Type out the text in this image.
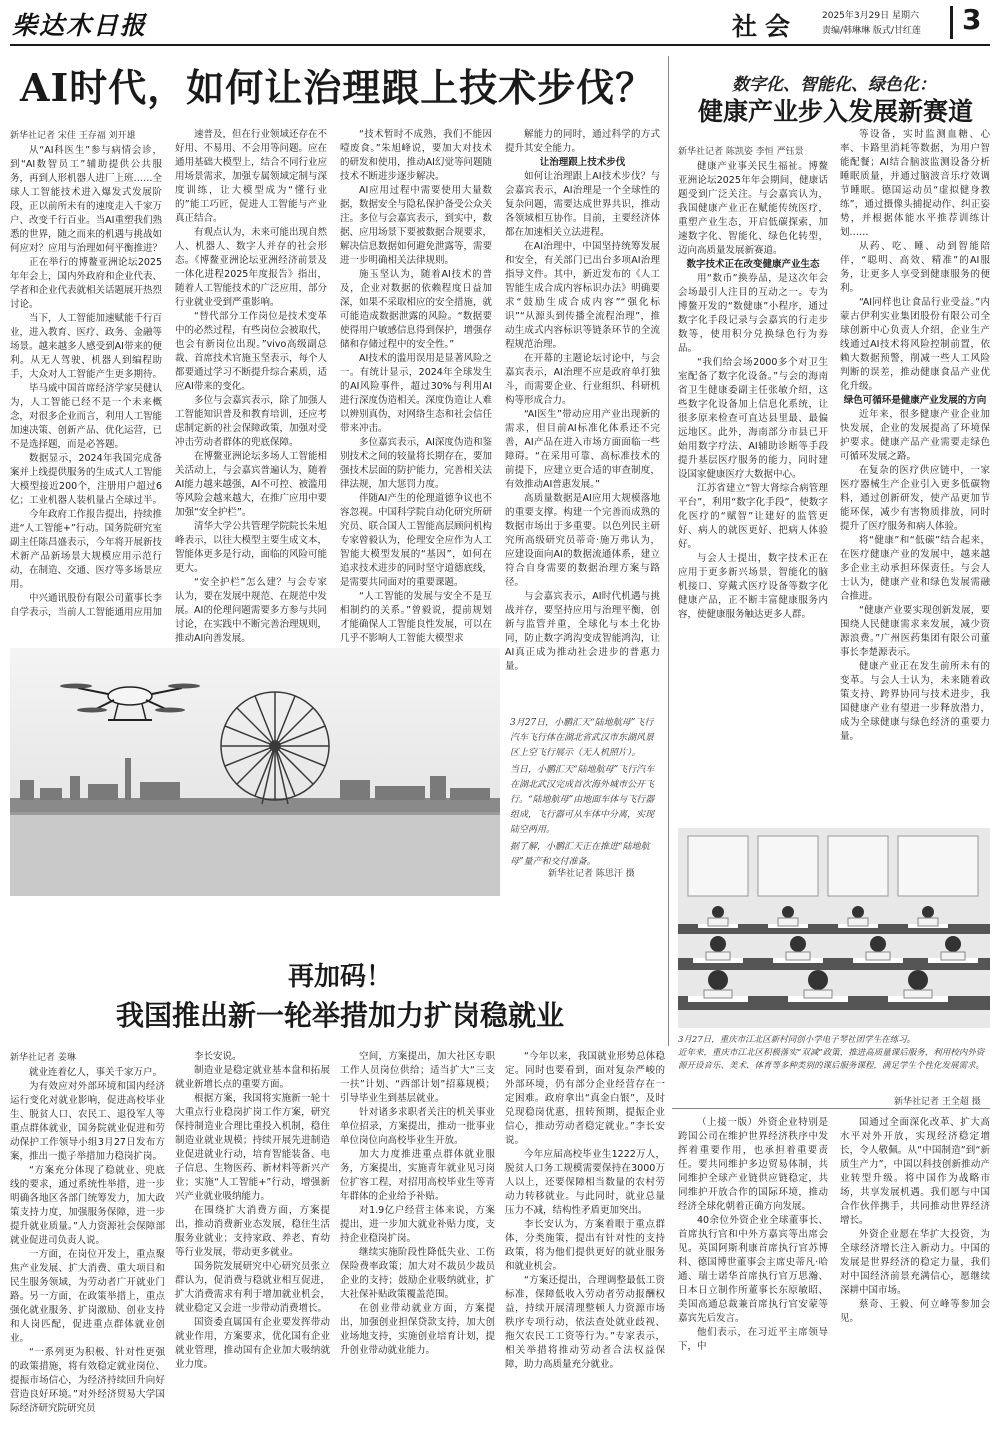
柴达木日报	社会	2025年3月29日 星期六
责编/韩琳琳 版式/甘红莲 3
AI时代，如何让治理跟上技术步伐？
新华社记者 宋佳 王存福 刘开雄

从“AI科医生”参与病情会诊，到“AI数智员工”辅助提供公共服务，再到人形机器人进厂上班……全球人工智能技术进入爆发式发展阶段，正以前所未有的速度走入千家万户、改变千行百业。当AI重塑我们熟悉的世界，随之而来的机遇与挑战如何应对？应用与治理如何平衡推进？

正在举行的博鳌亚洲论坛2025年年会上，国内外政府和企业代表、学者和企业代表就相关话题展开热烈讨论。

当下，人工智能加速赋能千行百业，进入教育、医疗、政务、金融等场景。越来越多人感受到AI带来的便利。从无人驾驶、机器人到编程助手，大众对人工智能产生更多期待。

毕马威中国首席经济学家吴健认为，人工智能已经不是一个未来概念，对很多企业而言，利用人工智能加速决策、创新产品、优化运营，已不是选择题，而是必答题。

数据显示，2024年我国完成备案并上线提供服务的生成式人工智能大模型接近200个，注册用户超过6亿；工业机器人装机量占全球过半。

今年政府工作报告提出，持续推进“人工智能+”行动。国务院研究室副主任陈昌盛表示，今年将开展新技术新产品新场景大规模应用示范行动，在制造、交通、医疗等多场景应用。

中兴通讯股份有限公司董事长李自学表示，当前人工智能通用应用加

速普及，但在行业领域还存在不好用、不易用、不会用等问题。应在通用基础大模型上，结合不同行业应用场景需求，加强专属领域定制与深度训练，让大模型成为“懂行业的”能工巧匠，促进人工智能与产业真正结合。

有观点认为，未来可能出现自然人、机器人、数字人并存的社会形态。《博鳌亚洲论坛亚洲经济前景及一体化进程2025年度报告》指出，随着人工智能技术的广泛应用，部分行业就业受到严重影响。

“替代部分工作岗位是技术变革中的必然过程，有些岗位会被取代，也会有新岗位出现。”vivo高级副总裁、首席技术官施玉坚表示，每个人都要通过学习不断提升综合素质，适应AI带来的变化。

多位与会嘉宾表示，除了加强人工智能知识普及和教育培训，还应考虑制定新的社会保障政策，加强对受冲击劳动者群体的兜底保障。

在博鳌亚洲论坛多场人工智能相关活动上，与会嘉宾普遍认为，随着AI能力越来越强，AI不可控、被滥用等风险会越来越大，在推广应用中要加强“安全护栏”。

清华大学公共管理学院院长朱旭峰表示，以往大模型主要生成文本，智能体更多是行动，面临的风险可能更大。

“安全护栏”怎么建？与会专家认为，要在发展中规范、在规范中发展。AI的伦理问题需要多方参与共同讨论，在实践中不断完善治理规则，推动AI向善发展。

“技术暂时不成熟，我们不能因噎废食。”朱旭峰说，要加大对技术的研发和使用，推动AI幻觉等问题随技术不断进步逐步解决。

AI应用过程中需要使用大量数据，数据安全与隐私保护备受公众关注。多位与会嘉宾表示，到实中，数据、应用场景下要被数据合规要求，解决信息数据如何避免泄露等，需要进一步明确相关法律规则。

施玉坚认为，随着AI技术的普及，企业对数据的依赖程度日益加深，如果不采取相应的安全措施，就可能造成数据泄露的风险。“数据要使得用户敏感信息得到保护，增强存储和存储过程中的安全性。”

AI技术的滥用误用是显著风险之一。有统计显示，2024年全球发生的AI风险事件，超过30%与利用AI进行深度伪造相关。深度伪造让人难以辨别真伪，对网络生态和社会信任带来冲击。

多位嘉宾表示，AI深度伪造和鉴别技术之间的较量将长期存在，要加强技术层面的防护能力，完善相关法律法规，加大惩罚力度。

伴随AI产生的伦理道德争议也不容忽视。中国科学院自动化研究所研究员、联合国人工智能高层顾问机构专家曾毅认为，伦理安全应作为人工智能大模型发展的“基因”，如何在追求技术进步的同时坚守道德底线，是需要共同面对的重要课题。

“人工智能的发展与安全不是互相制约的关系。”曾毅说，提前规划才能确保人工智能良性发展，可以在几乎不影响人工智能大模型求

解能力的同时，通过科学的方式提升其安全能力。

让治理跟上技术步伐

如何让治理跟上AI技术步伐？与会嘉宾表示，AI治理是一个全球性的复杂问题，需要达成世界共识，推动各领域相互协作。目前，主要经济体都在加速相关立法进程。

在AI治理中，中国坚持统筹发展和安全，有关部门已出台多项AI治理指导文件。其中，新近发布的《人工智能生成合成内容标识办法》明确要求“鼓励生成合成内容”“强化标识”“从源头到传播全流程治理”，推动生成式内容标识等链条环节的全流程规范治理。

在开幕的主题论坛讨论中，与会嘉宾表示，AI治理不应是政府单打独斗，而需要企业、行业组织、科研机构等形成合力。

“AI医生”带动应用产业出现新的需求，但目前AI标准化体系还不完善，AI产品在进入市场方面面临一些障碍。“在采用可靠、高标准技术的前提下，应建立更合适的审查制度，有效推动AI普惠发展。”

高质量数据是AI应用大规模落地的重要支撑。构建一个完善而成熟的数据市场出于多重要。以色列民主研究所高级研究员蒂奇·施万弗认为，应建设面向AI的数据流通体系，建立符合自身需要的数据治理方案与路径。

与会嘉宾表示，AI时代机遇与挑战并存，要坚持应用与治理平衡，创新与监管并重，全球化与本土化协同，防止数字鸿沟变成智能鸿沟，让AI真正成为推动社会进步的普惠力量。

数字化、智能化、绿色化：
健康产业步入发展新赛道
新华社记者 陈凯姿 李恒 严钰景

健康产业事关民生福祉。博鳌亚洲论坛2025年年会期间，健康话题受到广泛关注。与会嘉宾认为，我国健康产业正在赋能传统医疗，重塑产业生态，开启低碳探索，加速数字化、智能化、绿色化转型，迈向高质量发展新赛道。

数字技术正在改变健康产业生态

用“数币”换券品，是这次年会会场最引人注目的互动之一。专为博鳌开发的“数健康”小程序，通过数字化手段记录与会嘉宾的行走步数等，使用积分兑换绿色行为券品。

“我们给会场2000多个对卫生室配备了数字化设备。”与会的海南省卫生健康委副主任张敏介绍，这些数字化设备加上信息化系统，让很多原来检查可直达县里最、最偏远地区。此外，海南部分市县已开始用数字疗法、AI辅助诊断等手段提升基层医疗服务的能力，同时建设国家健康医疗大数据中心。

江苏省建立“智大肾综合病管理平台”，利用“数字化手段”，使数字化医疗的“赋智”让建好的监管更好、病人的就医更好、把病人体验好。

与会人士提出，数字技术正在应用于更多新兴场景，智能化的脑机接口、穿戴式医疗设备等数字化健康产品，正不断丰富健康服务内容，使健康服务触达更多人群。

等设备，实时监测血糖、心率、卡路里消耗等数据，为用户智能配餐；AI结合脑波监测设备分析睡眠质量，并通过脑波音乐疗效调节睡眠。德国运动员“虚拟健身教练”，通过摄像头捕捉动作、纠正姿势，并根据体能水平推荐训练计划……

从药、吃、睡、动到智能陪伴，“聪明、高效、精准”的AI服务，让更多人享受到健康服务的便利。

“AI同样也让食品行业受益。”内蒙古伊利实业集团股份有限公司全球创新中心负责人介绍，企业生产线通过AI技术将风险控制前置，依赖大数据预警，削减一些人工风险判断的误差，推动健康食品产业优化升级。

绿色可循环是健康产业发展的方向

近年来，很多健康产业企业加快发展，企业的发展提高了环境保护要求。健康产品产业需要走绿色可循环发展之路。

在复杂的医疗供应链中，一家医疗器械生产企业引入更多低碳物料，通过创新研发，使产品更加节能环保，减少有害物质排放，同时提升了医疗服务和病人体验。

将“健康”和“低碳”结合起来，在医疗健康产业的发展中，越来越多企业主动承担环保责任。与会人士认为，健康产业和绿色发展需融合推进。

“健康产业要实现创新发展，要围绕人民健康需求来发展，减少资源浪费。”广州医药集团有限公司董事长李楚源表示。

健康产业正在发生前所未有的变革。与会人士认为，未来随着政策支持、跨界协同与技术进步，我国健康产业有望进一步释放潜力，成为全球健康与绿色经济的重要力量。

3月27日，小鹏汇天“陆地航母”飞行汽车飞行体在湖北省武汉市东湖风景区上空飞行展示（无人机照片）。
当日，小鹏汇天“陆地航母”飞行汽车在湖北武汉完成首次海外城市公开飞行。“陆地航母”由地面车体与飞行器组成，飞行器可从车体中分离，实现陆空两用。
据了解，小鹏汇天正在推进“陆地航母”量产和交付准备。
新华社记者 陈思汗 摄
3月27日，重庆市江北区新村同创小学电子琴社团学生在练习。
近年来，重庆市江北区积极落实“双减”政策，推进高质量课后服务，利用校内外资源开设音乐、美术、体育等多种类别的课后服务课程，满足学生个性化发展需求。
新华社记者 王全超 摄
再加码！
我国推出新一轮举措加力扩岗稳就业
新华社记者 姜琳

就业连着亿人，事关千家万户。

为有效应对外部环境和国内经济运行变化对就业影响，促进高校毕业生、脱贫人口、农民工、退役军人等重点群体就业，国务院就业促进和劳动保护工作领导小组3月27日发布方案，推出一揽子举措加力稳岗扩岗。

“方案充分体现了稳就业、兜底线的要求，通过系统性举措，进一步明确各地区各部门统筹发力，加大政策支持力度，加强服务保障，进一步提升就业质量。”人力资源社会保障部就业促进司负责人说。

一方面，在岗位开发上，重点聚焦产业发展、扩大消费、重大项目和民生服务领域，为劳动者广开就业门路。另一方面，在政策举措上，重点强化就业服务、扩岗激励、创业支持和人岗匹配，促进重点群体就业创业。

“一系列更为积极、针对性更强的政策措施，将有效稳定就业岗位、提振市场信心，为经济持续回升向好营造良好环境。”对外经济贸易大学国际经济研究院研究员

李长安说。

制造业是稳定就业基本盘和拓展就业新增长点的重要方面。

根据方案，我国将实施新一轮十大重点行业稳岗扩岗工作方案，研究保持制造业合理比重投入机制，稳住制造业就业规模；持续开展先进制造业促进就业行动，培育智能装备、电子信息、生物医药、新材料等新兴产业；实施“人工智能+”行动，增强新兴产业就业吸纳能力。

在围绕扩大消费方面，方案提出，推动消费新业态发展，稳住生活服务业就业；支持家政、养老、育幼等行业发展，带动更多就业。

国务院发展研究中心研究员张立群认为，促消费与稳就业相互促进，扩大消费需求有利于增加就业机会，就业稳定又会进一步带动消费增长。

国资委直属国有企业要发挥带动就业作用，方案要求，优化国有企业就业管理，推动国有企业加大吸纳就业力度。

空间，方案提出，加大社区专职工作人员岗位供给；适当扩大“三支一扶”计划、“西部计划”招募规模；引导毕业生到基层就业。

针对诸多求职者关注的机关事业单位招录，方案提出，推动一批事业单位岗位向高校毕业生开放。

加大力度推进重点群体就业服务，方案提出，实施青年就业见习岗位扩容工程，对招用高校毕业生等青年群体的企业给予补贴。

对1.9亿户经营主体来说，方案提出，进一步加大就业补贴力度，支持企业稳岗扩岗。

继续实施阶段性降低失业、工伤保险费率政策；加大对不裁员少裁员企业的支持；鼓励企业吸纳就业，扩大社保补贴政策覆盖范围。

在创业带动就业方面，方案提出，加强创业担保贷款支持，加大创业场地支持，实施创业培育计划，提升创业带动就业能力。

“今年以来，我国就业形势总体稳定。同时也要看到，面对复杂严峻的外部环境，仍有部分企业经营存在一定困难。政府拿出“真金白银”，及时兑现稳岗优惠，扭转预期，提振企业信心，推动劳动者稳定就业。”李长安说。

今年应届高校毕业生1222万人，脱贫人口务工规模需要保持在3000万人以上，还要保障相当数量的农村劳动力转移就业。与此同时，就业总量压力不减，结构性矛盾更加突出。

李长安认为，方案着眼于重点群体，分类施策，提出有针对性的支持政策，将为他们提供更好的就业服务和就业机会。

“方案还提出，合理调整最低工资标准，保障低收入劳动者劳动报酬权益，持续开展清理整顿人力资源市场秩序专项行动，依法查处就业歧视、拖欠农民工工资等行为。”专家表示，相关举措将推动劳动者合法权益保障，助力高质量充分就业。

（上接一版）外资企业特别是跨国公司在维护世界经济秩序中发挥着重要作用，也承担着重要责任。要共同维护多边贸易体制，共同维护全球产业链供应链稳定，共同维护开放合作的国际环境，推动经济全球化朝着正确方向发展。

40余位外资企业全球董事长、首席执行官和中外方嘉宾等出席会见。英国阿斯利康首席执行官苏博科、德国博世董事会主席史蒂凡·哈通、瑞士诺华首席执行官万思瀚、日本日立制作所董事长东原敏昭、美国高通总裁兼首席执行官安蒙等嘉宾先后发言。

他们表示，在习近平主席领导下，中

国通过全面深化改革、扩大高水平对外开放，实现经济稳定增长，令人敬佩。从“中国制造”到“新质生产力”，中国以科技创新推动产业转型升级。将中国作为战略市场，共享发展机遇。我们愿与中国合作伙伴携手，共同推动世界经济增长。

外资企业愿在华扩大投资，为全球经济增长注入新动力。中国的发展是世界经济的稳定力量，我们对中国经济前景充满信心，愿继续深耕中国市场。

蔡奇、王毅、何立峰等参加会见。
